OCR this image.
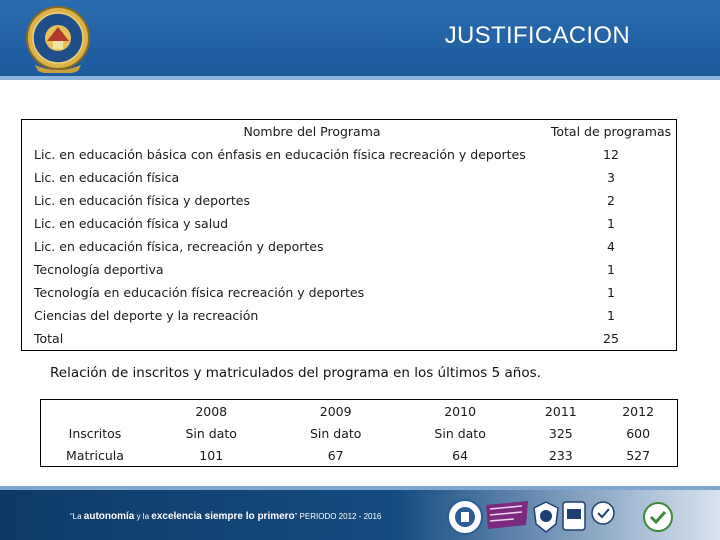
JUSTIFICACION
Nombre del Programa	Total de programas
Lic. en educación básica con énfasis en educación física recreación y deportes	12
Lic. en educación física	3
Lic. en educación física y deportes	2
Lic. en educación física y salud	1
Lic. en educación física, recreación y deportes	4
Tecnología deportiva	1
Tecnología en educación física recreación y deportes	1
Ciencias del deporte y la recreación	1
Total	25
Relación de inscritos y matriculados del programa en los últimos 5 años.
	2008	2009	2010	2011	2012
Inscritos	Sin dato	Sin dato	Sin dato	325	600
Matricula	101	67	64	233	527
“La autonomía y la excelencia siempre lo primero” PERIODO 2012 - 2016
